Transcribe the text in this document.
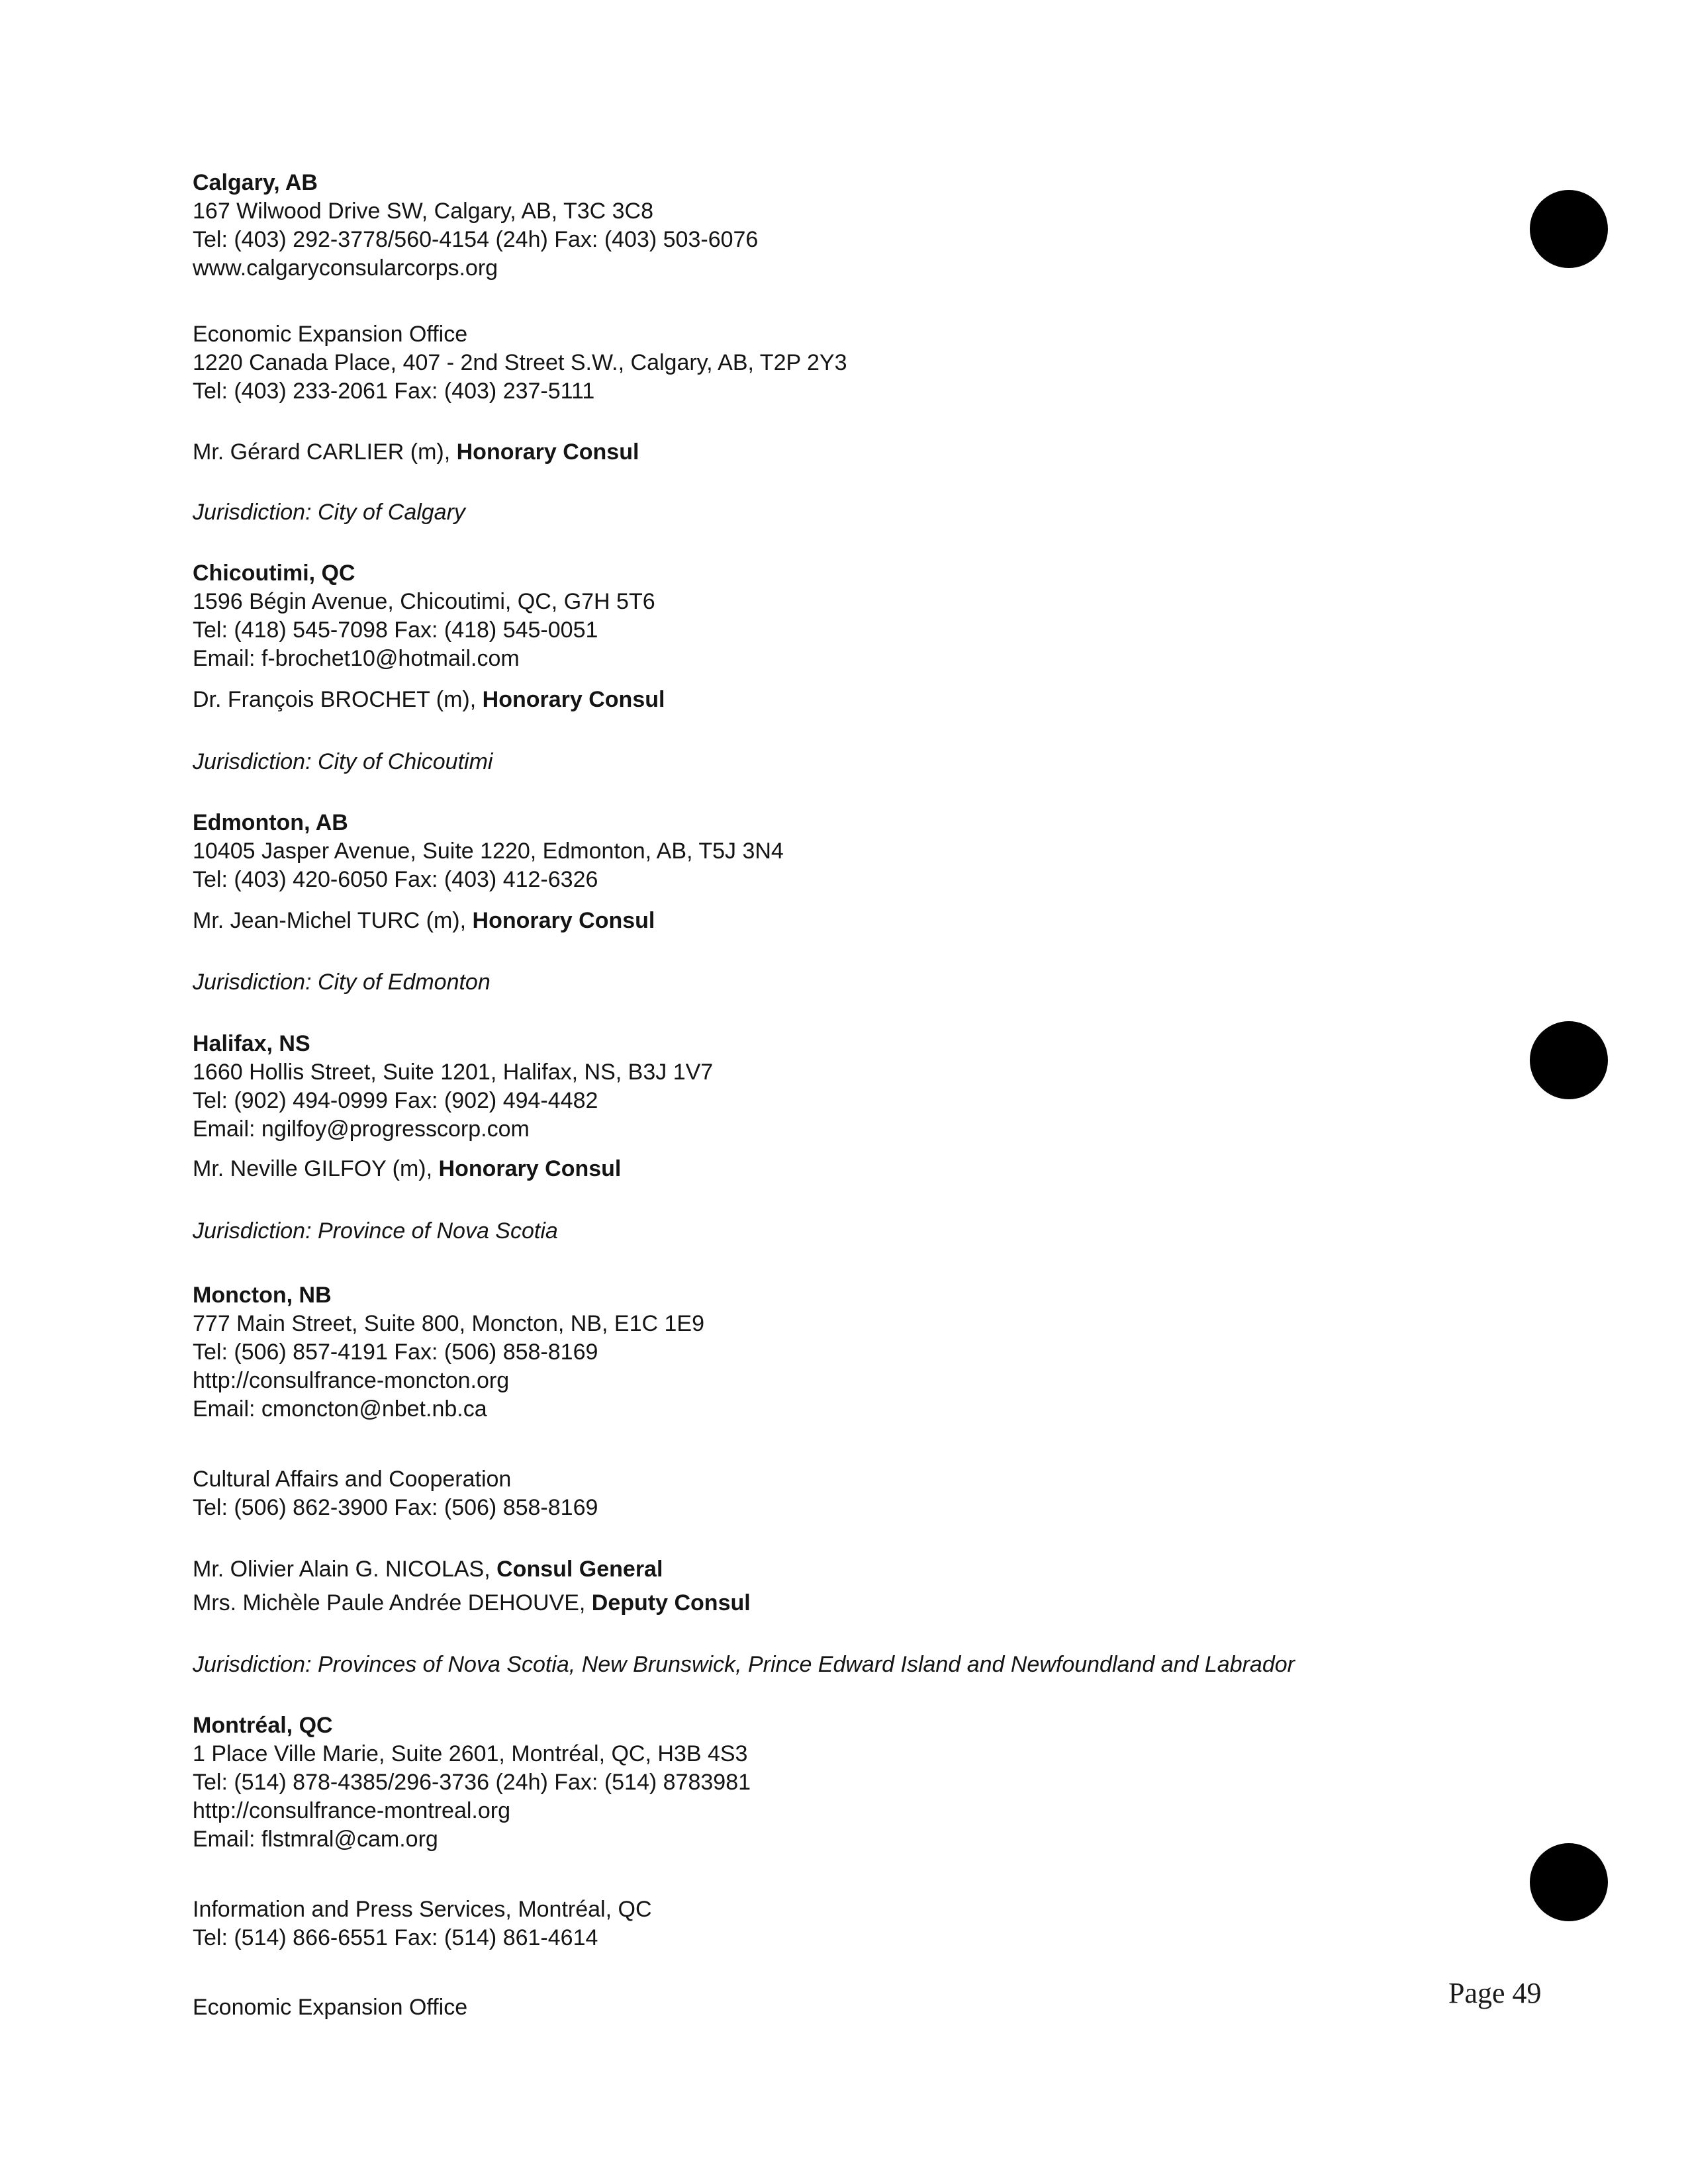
Calgary, AB
167 Wilwood Drive SW, Calgary, AB, T3C 3C8
Tel: (403) 292-3778/560-4154 (24h) Fax: (403) 503-6076
www.calgaryconsularcorps.org
Economic Expansion Office
1220 Canada Place, 407 - 2nd Street S.W., Calgary, AB, T2P 2Y3
Tel: (403) 233-2061 Fax: (403) 237-5111
Mr. Gérard CARLIER (m), Honorary Consul
Jurisdiction: City of Calgary
Chicoutimi, QC
1596 Bégin Avenue, Chicoutimi, QC, G7H 5T6
Tel: (418) 545-7098 Fax: (418) 545-0051
Email: f-brochet10@hotmail.com
Dr. François BROCHET (m), Honorary Consul
Jurisdiction: City of Chicoutimi
Edmonton, AB
10405 Jasper Avenue, Suite 1220, Edmonton, AB, T5J 3N4
Tel: (403) 420-6050 Fax: (403) 412-6326
Mr. Jean-Michel TURC (m), Honorary Consul
Jurisdiction: City of Edmonton
Halifax, NS
1660 Hollis Street, Suite 1201, Halifax, NS, B3J 1V7
Tel: (902) 494-0999 Fax: (902) 494-4482
Email: ngilfoy@progresscorp.com
Mr. Neville GILFOY (m), Honorary Consul
Jurisdiction: Province of Nova Scotia
Moncton, NB
777 Main Street, Suite 800, Moncton, NB, E1C 1E9
Tel: (506) 857-4191 Fax: (506) 858-8169
http://consulfrance-moncton.org
Email: cmoncton@nbet.nb.ca
Cultural Affairs and Cooperation
Tel: (506) 862-3900 Fax: (506) 858-8169
Mr. Olivier Alain G. NICOLAS, Consul General
Mrs. Michèle Paule Andrée DEHOUVE, Deputy Consul
Jurisdiction: Provinces of Nova Scotia, New Brunswick, Prince Edward Island and Newfoundland and Labrador
Montréal, QC
1 Place Ville Marie, Suite 2601, Montréal, QC, H3B 4S3
Tel: (514) 878-4385/296-3736 (24h) Fax: (514) 8783981
http://consulfrance-montreal.org
Email: flstmral@cam.org
Information and Press Services, Montréal, QC
Tel: (514) 866-6551 Fax: (514) 861-4614
Economic Expansion Office	Page 49
